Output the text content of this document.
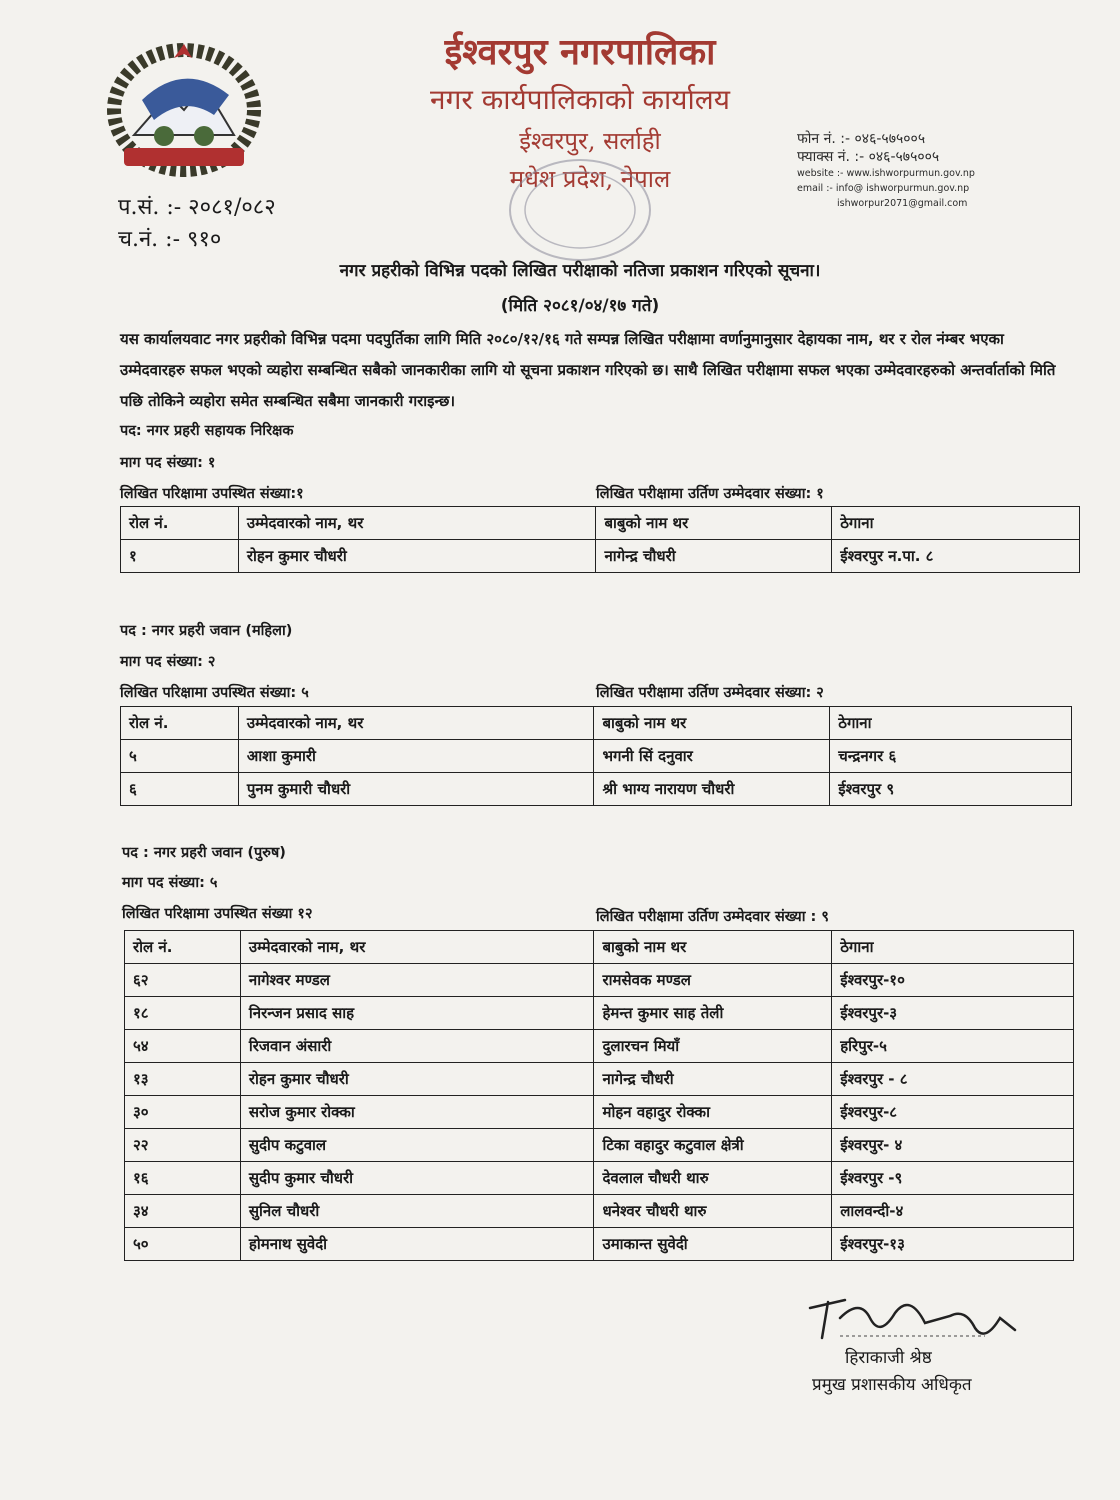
ईश्वरपुर नगरपालिका
नगर कार्यपालिकाको कार्यालय
ईश्वरपुर, सर्लाही
मधेश प्रदेश, नेपाल
फोन नं. :- ०४६-५७५००५
फ्याक्स नं. :- ०४६-५७५००५
website :- www.ishworpurmun.gov.np
email :- info@ ishworpurmun.gov.np
ishworpur2071@gmail.com
प.सं. :- २०८१/०८२
च.नं. :- ९१०
नगर प्रहरीको विभिन्न पदको लिखित परीक्षाको नतिजा प्रकाशन गरिएको सूचना।
(मिति २०८१/०४/१७ गते)
यस कार्यालयवाट नगर प्रहरीको विभिन्न पदमा पदपुर्तिका लागि मिति २०८०/१२/१६ गते सम्पन्न लिखित परीक्षामा वर्णानुमानुसार देहायका नाम, थर र रोल नंम्बर भएका उम्मेदवारहरु सफल भएको व्यहोरा सम्बन्धित सबैको जानकारीका लागि यो सूचना प्रकाशन गरिएको छ। साथै लिखित परीक्षामा सफल भएका उम्मेदवारहरुको अन्तर्वार्ताको मिति पछि तोकिने व्यहोरा समेत सम्बन्धित सबैमा जानकारी गराइन्छ।
पद: नगर प्रहरी सहायक निरिक्षक
माग पद संख्या: १
लिखित परिक्षामा उपस्थित संख्या:१	लिखित परीक्षामा उर्तिण उम्मेदवार संख्या: १
रोल नं.	उम्मेदवारको नाम, थर	बाबुको नाम थर	ठेगाना
१	रोहन कुमार चौधरी	नागेन्द्र चौधरी	ईश्वरपुर न.पा. ८
पद : नगर प्रहरी जवान (महिला)
माग पद संख्या: २
लिखित परिक्षामा उपस्थित संख्या: ५	लिखित परीक्षामा उर्तिण उम्मेदवार संख्या: २
रोल नं.	उम्मेदवारको नाम, थर	बाबुको नाम थर	ठेगाना
५	आशा कुमारी	भगनी सिं दनुवार	चन्द्रनगर ६
६	पुनम कुमारी चौधरी	श्री भाग्य नारायण चौधरी	ईश्वरपुर ९
पद : नगर प्रहरी जवान (पुरुष)
माग पद संख्या: ५
लिखित परिक्षामा उपस्थित संख्या १२	लिखित परीक्षामा उर्तिण उम्मेदवार संख्या : ९
रोल नं.	उम्मेदवारको नाम, थर	बाबुको नाम थर	ठेगाना
६२	नागेश्वर मण्डल	रामसेवक मण्डल	ईश्वरपुर-१०
१८	निरन्जन प्रसाद साह	हेमन्त कुमार साह तेली	ईश्वरपुर-३
५४	रिजवान अंसारी	दुलारचन मियाँ	हरिपुर-५
१३	रोहन कुमार चौधरी	नागेन्द्र चौधरी	ईश्वरपुर - ८
३०	सरोज कुमार रोक्का	मोहन वहादुर रोक्का	ईश्वरपुर-८
२२	सुदीप कटुवाल	टिका वहादुर कटुवाल क्षेत्री	ईश्वरपुर- ४
१६	सुदीप कुमार चौधरी	देवलाल चौधरी थारु	ईश्वरपुर -९
३४	सुनिल चौधरी	धनेश्वर चौधरी थारु	लालवन्दी-४
५०	होमनाथ सुवेदी	उमाकान्त सुवेदी	ईश्वरपुर-१३
हिराकाजी श्रेष्ठ
प्रमुख प्रशासकीय अधिकृत
